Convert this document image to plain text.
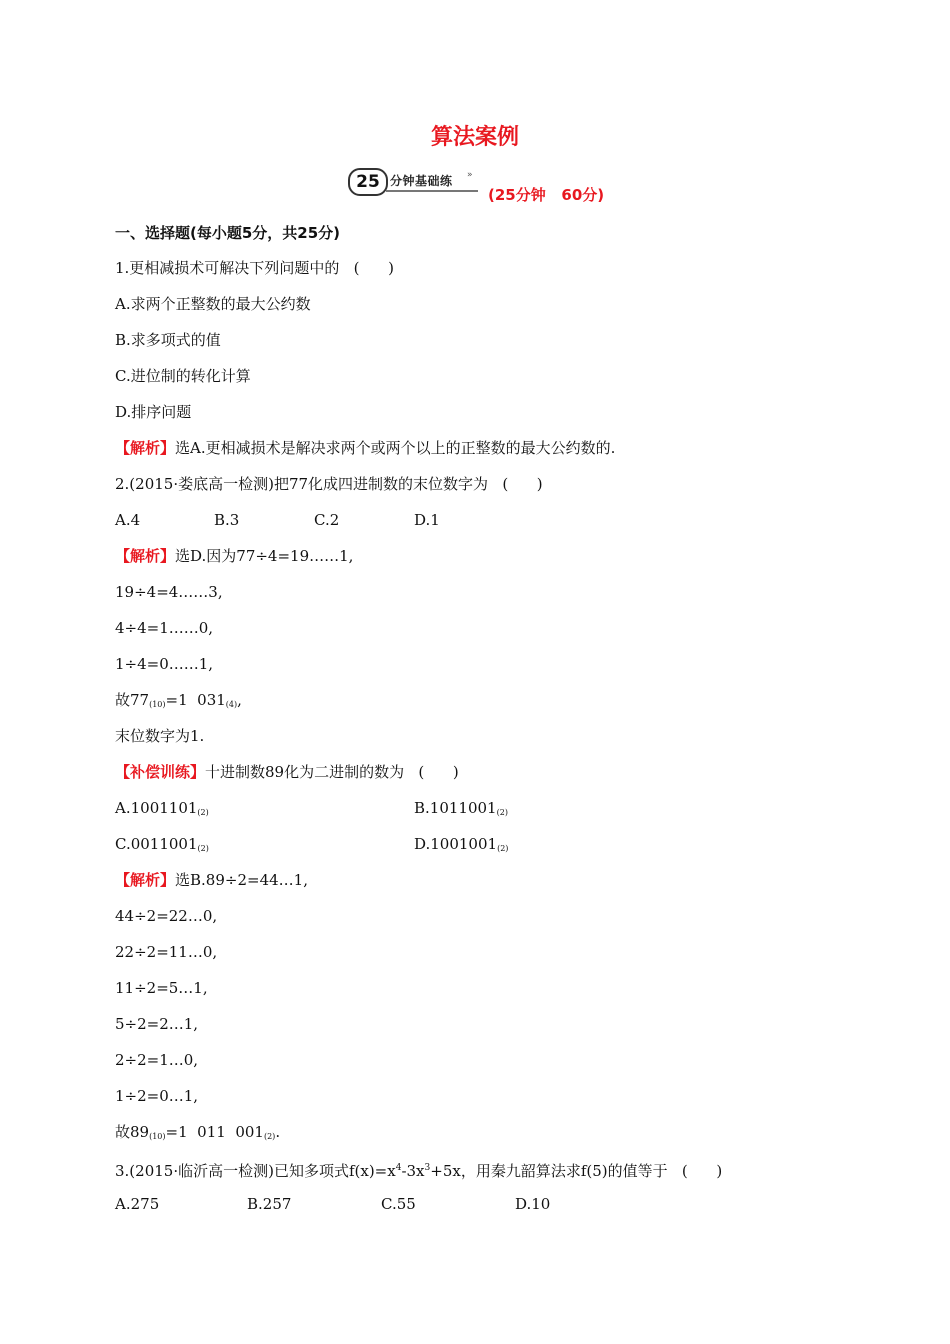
算法案例
25 分钟基础练 »
(25分钟   60分)
一、选择题(每小题5分，共25分)
1.更相减损术可解决下列问题中的   (      )
A.求两个正整数的最大公约数
B.求多项式的值
C.进位制的转化计算
D.排序问题
【解析】选A.更相减损术是解决求两个或两个以上的正整数的最大公约数的.
2.(2015·娄底高一检测)把77化成四进制数的末位数字为   (      )
A.4	B.3	C.2	D.1
【解析】选D.因为77÷4=19……1,
19÷4=4……3,
4÷4=1……0,
1÷4=0……1,
故$77_{(10)}=1$  $031_{(4)}$,
末位数字为1.
【补偿训练】十进制数89化为二进制的数为   (      )
$A.1001101_{(2)}$	$B.1011001_{(2)}$
$C.0011001_{(2)}$	$D.1001001_{(2)}$
【解析】选B.89÷2=44…1,
44÷2=22…0,
22÷2=11…0,
11÷2=5…1,
5÷2=2…1,
2÷2=1…0,
1÷2=0…1,
故$89_{(10)}=1$  011  $001_{(2)}$.
3.(2015·临沂高一检测)已知多项式$f(x)=x^4-3x^3+5x$，用秦九韶算法求f(5)的值等于   (      )
A.275	B.257	C.55	D.10
